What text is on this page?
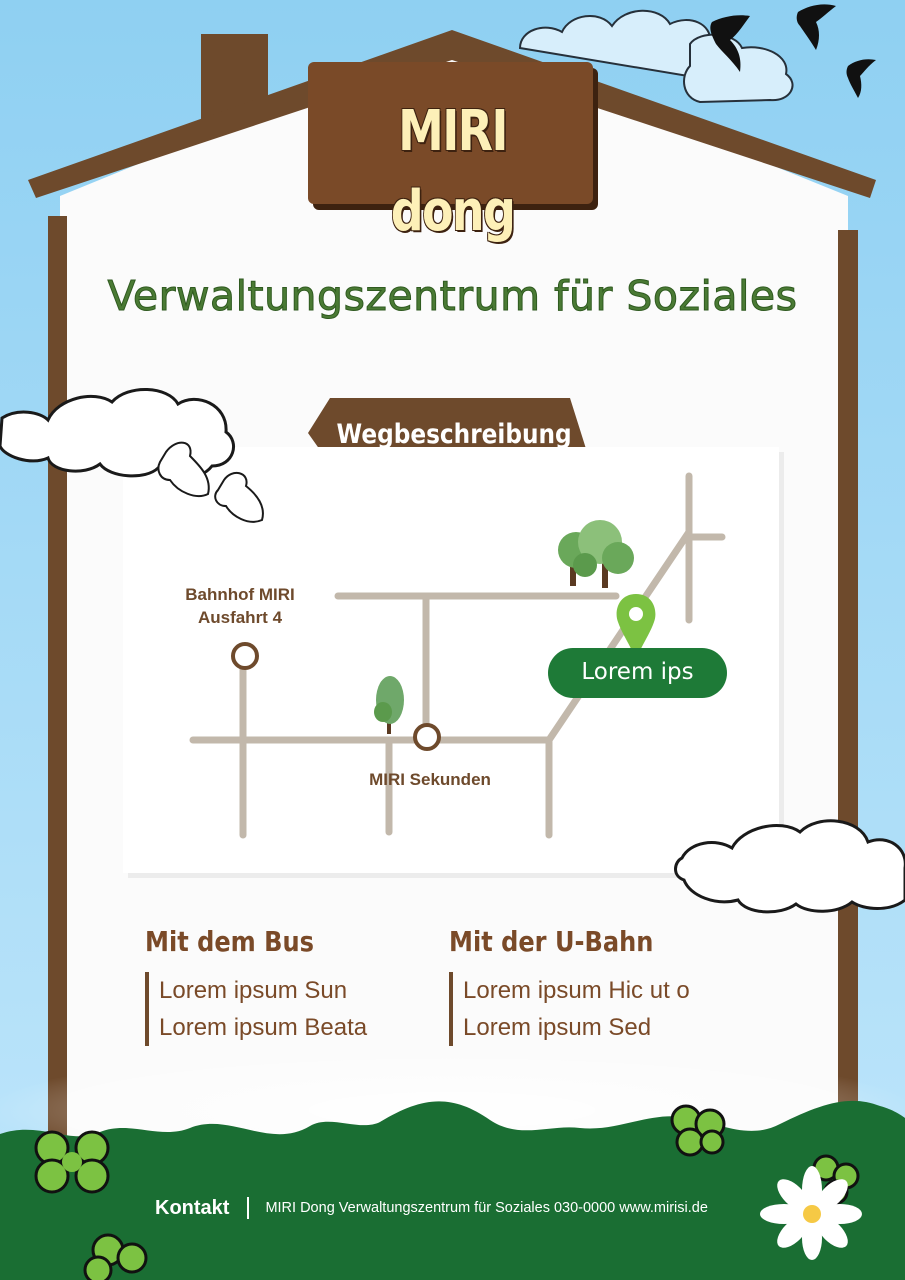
MIRI dong
Verwaltungszentrum für Soziales
Wegbeschreibung
Bahnhof MIRI
Ausfahrt 4
MIRI Sekunden
Lorem ips
Mit dem Bus
Lorem ipsum Sun
Lorem ipsum Beata
Mit der U-Bahn
Lorem ipsum Hic ut o
Lorem ipsum Sed
Kontakt MIRI Dong Verwaltungszentrum für Soziales 030-0000 www.mirisi.de
